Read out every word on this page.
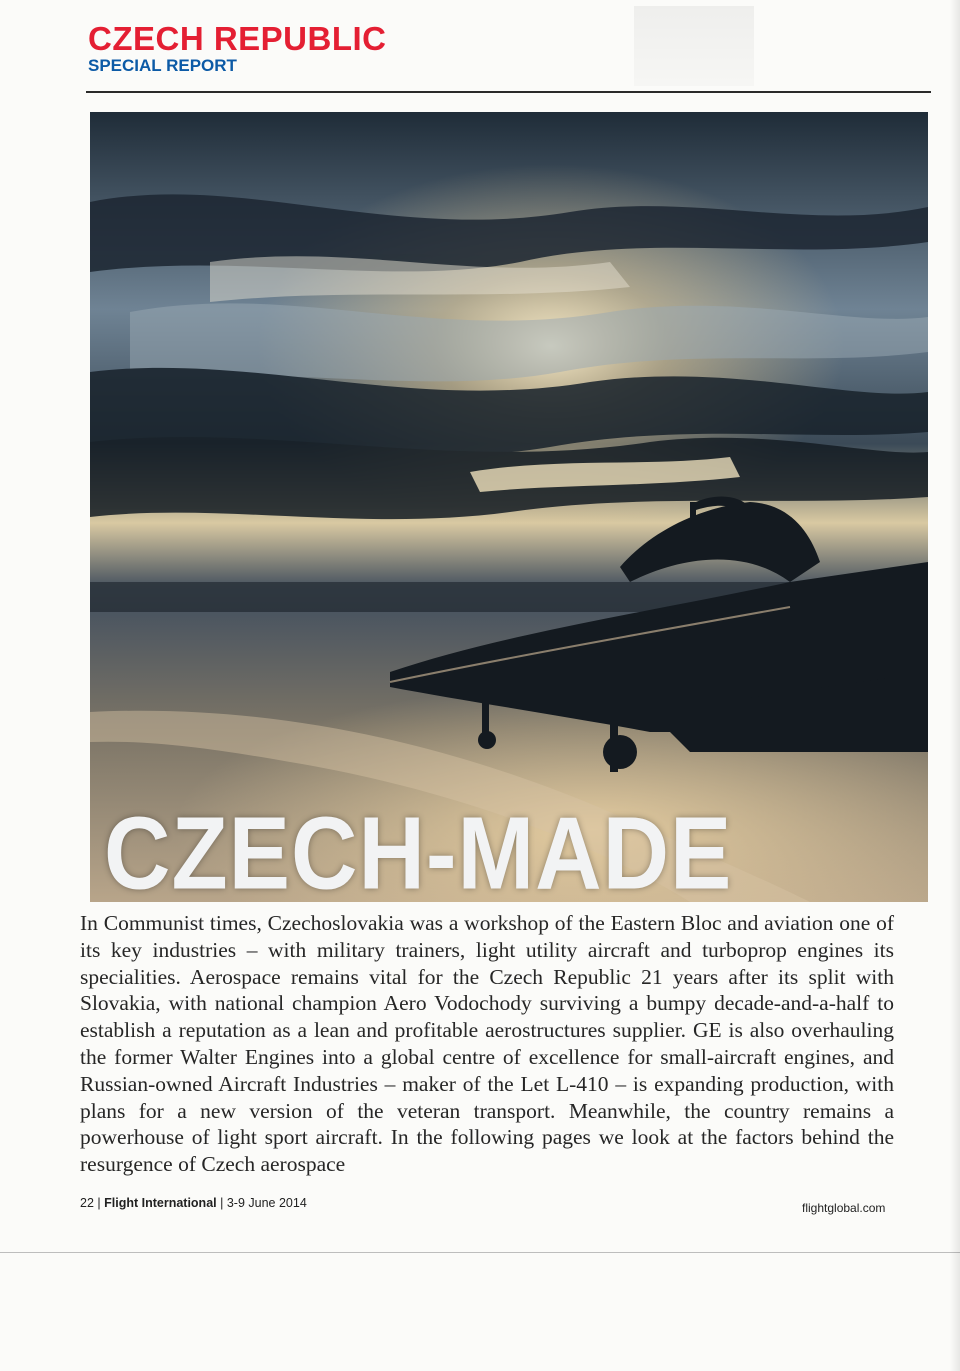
CZECH REPUBLIC
SPECIAL REPORT
CZECH-MADE

In Communist times, Czechoslovakia was a workshop of the Eastern Bloc and aviation one of its key industries – with military trainers, light utility aircraft and turboprop engines its specialities. Aerospace remains vital for the Czech Republic 21 years after its split with Slovakia, with national champion Aero Vodochody surviving a bumpy decade-and-a-half to establish a reputation as a lean and profitable aerostructures supplier. GE is also overhauling the former Walter Engines into a global centre of excellence for small-aircraft engines, and Russian-owned Aircraft Industries – maker of the Let L-410 – is expanding production, with plans for a new version of the veteran transport. Meanwhile, the country remains a powerhouse of light sport aircraft. In the following pages we look at the factors behind the resurgence of Czech aerospace

22 | Flight International | 3-9 June 2014	flightglobal.com
